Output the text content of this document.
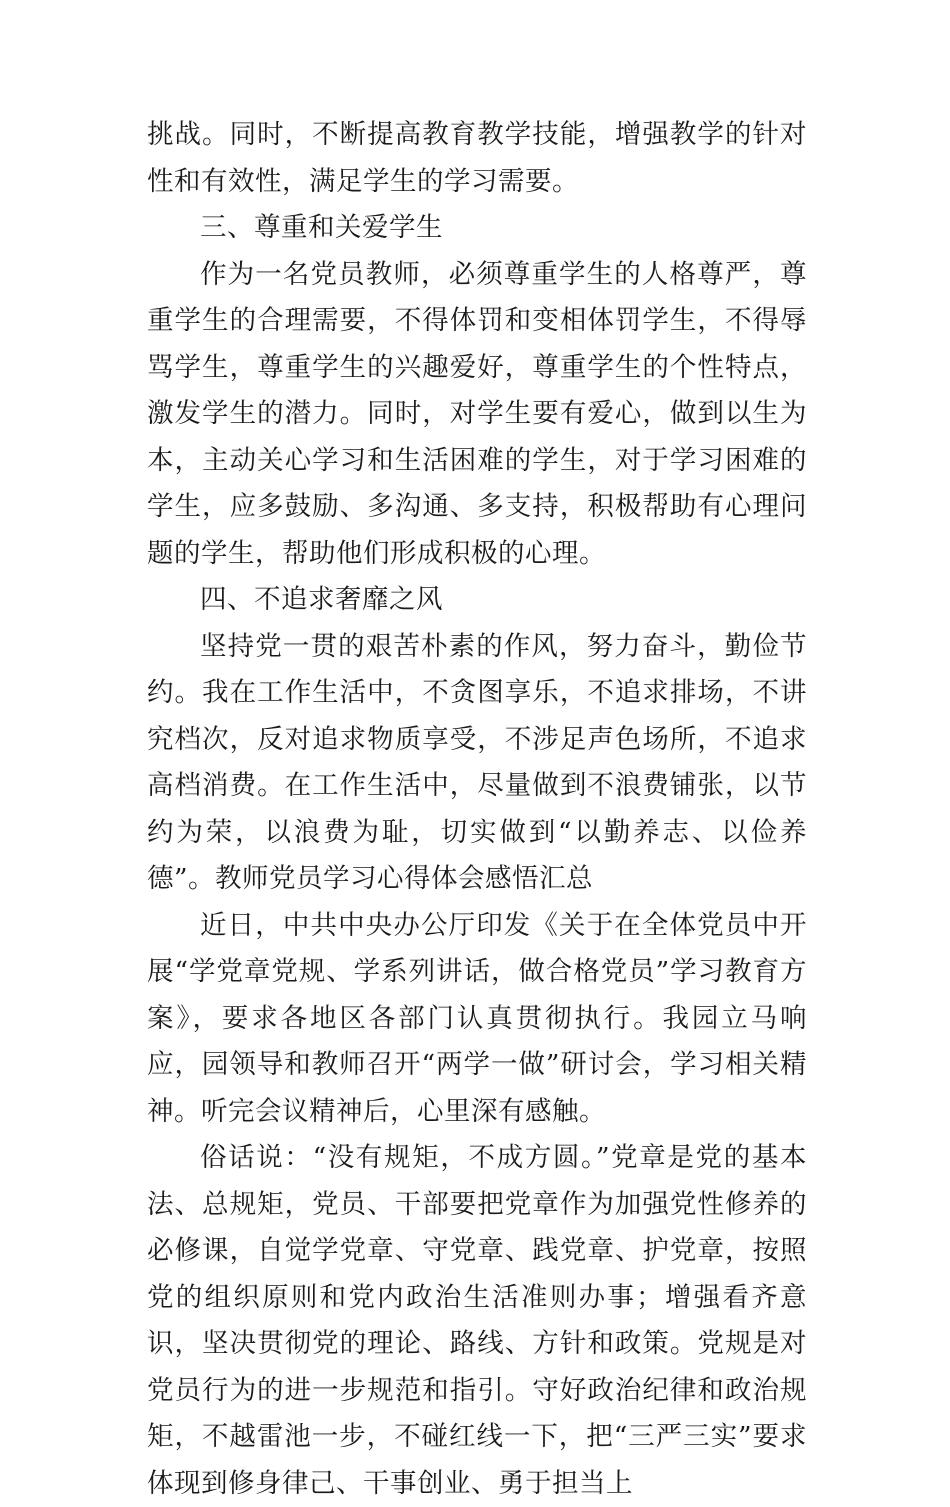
挑战。同时，不断提高教育教学技能，增强教学的针对性和有效性，满足学生的学习需要。

三、尊重和关爱学生

作为一名党员教师，必须尊重学生的人格尊严，尊重学生的合理需要，不得体罚和变相体罚学生，不得辱骂学生，尊重学生的兴趣爱好，尊重学生的个性特点，激发学生的潜力。同时，对学生要有爱心，做到以生为本，主动关心学习和生活困难的学生，对于学习困难的学生，应多鼓励、多沟通、多支持，积极帮助有心理问题的学生，帮助他们形成积极的心理。

四、不追求奢靡之风

坚持党一贯的艰苦朴素的作风，努力奋斗，勤俭节约。我在工作生活中，不贪图享乐，不追求排场，不讲究档次，反对追求物质享受，不涉足声色场所，不追求高档消费。在工作生活中，尽量做到不浪费铺张，以节约为荣，以浪费为耻，切实做到“以勤养志、以俭养德”。教师党员学习心得体会感悟汇总

近日，中共中央办公厅印发《关于在全体党员中开展“学党章党规、学系列讲话，做合格党员”学习教育方案》，要求各地区各部门认真贯彻执行。我园立马响应，园领导和教师召开“两学一做”研讨会，学习相关精神。听完会议精神后，心里深有感触。

俗话说：“没有规矩，不成方圆。”党章是党的基本法、总规矩，党员、干部要把党章作为加强党性修养的必修课，自觉学党章、守党章、践党章、护党章，按照党的组织原则和党内政治生活准则办事；增强看齐意识，坚决贯彻党的理论、路线、方针和政策。党规是对党员行为的进一步规范和指引。守好政治纪律和政治规矩，不越雷池一步，不碰红线一下，把“三严三实”要求体现到修身律己、干事创业、勇于担当上
